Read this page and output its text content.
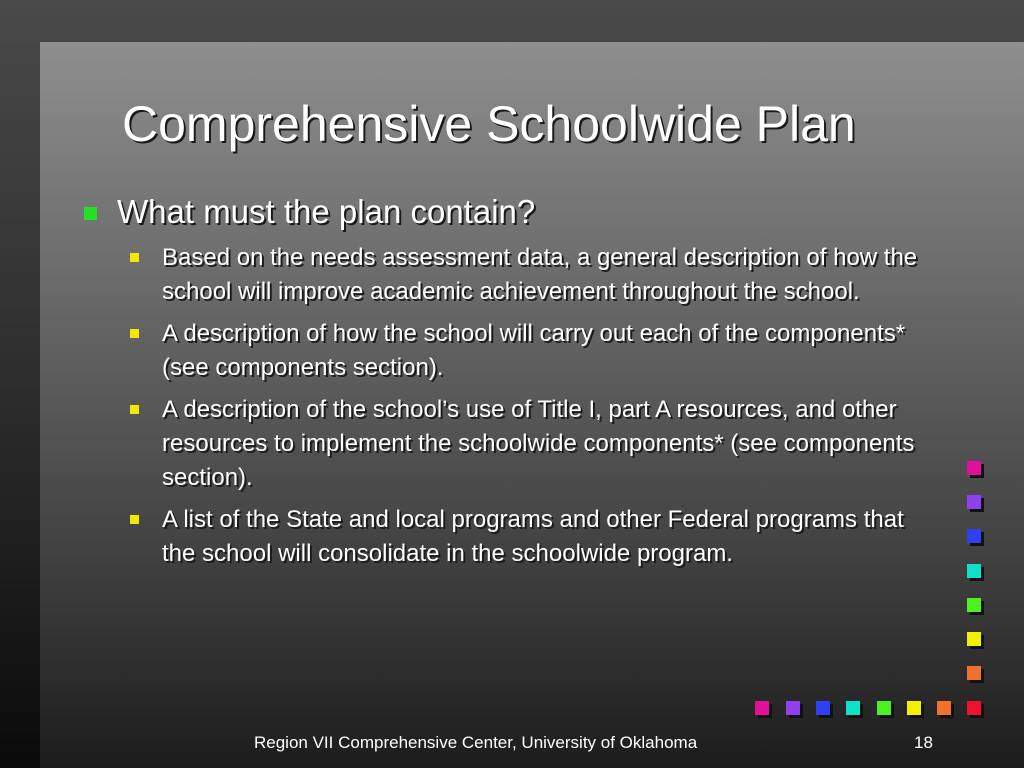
Comprehensive Schoolwide Plan
What must the plan contain?
Based on the needs assessment data, a general description of how the school will improve academic achievement throughout the school.
A description of how the school will carry out each of the components* (see components section).
A description of the school’s use of Title I, part A resources, and other resources to implement the schoolwide components* (see components section).
A list of the State and local programs and other Federal programs that the school will consolidate in the schoolwide program.
Region VII Comprehensive Center, University of Oklahoma	18
